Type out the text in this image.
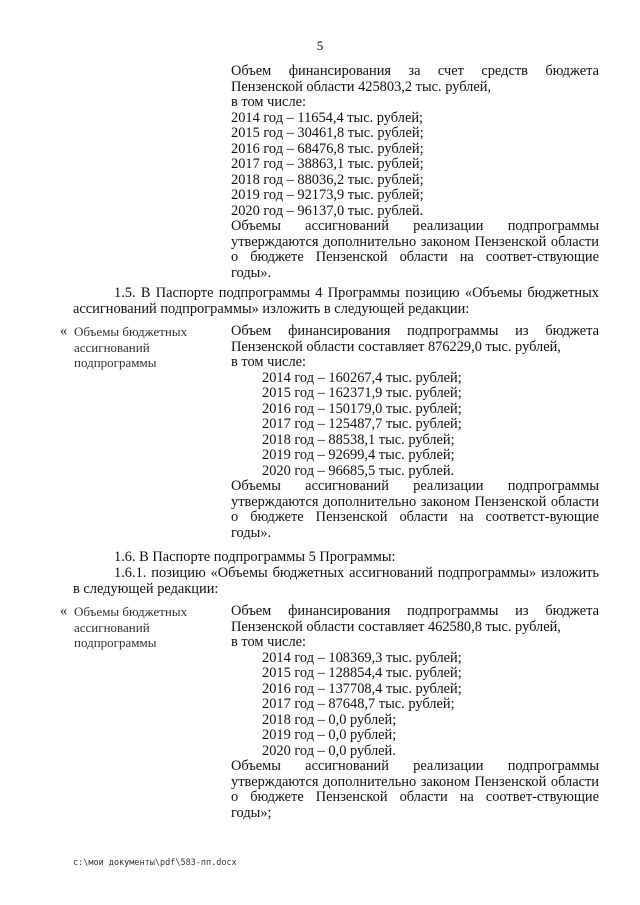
5
Объем финансирования за счет средств бюджета Пензенской области 425803,2 тыс. рублей,
в том числе:
2014 год – 11654,4 тыс. рублей;
2015 год – 30461,8 тыс. рублей;
2016 год – 68476,8 тыс. рублей;
2017 год – 38863,1 тыс. рублей;
2018 год – 88036,2 тыс. рублей;
2019 год – 92173,9 тыс. рублей;
2020 год – 96137,0 тыс. рублей.
Объемы ассигнований реализации подпрограммы утверждаются дополнительно законом Пензенской области о бюджете Пензенской области на соответ-ствующие годы».
1.5. В Паспорте подпрограммы 4 Программы позицию «Объемы бюджетных ассигнований подпрограммы» изложить в следующей редакции:
« Объемы бюджетных ассигнований подпрограммы
Объем финансирования подпрограммы из бюджета Пензенской области составляет 876229,0 тыс. рублей,
в том числе:
2014 год – 160267,4 тыс. рублей;
2015 год – 162371,9 тыс. рублей;
2016 год – 150179,0 тыс. рублей;
2017 год – 125487,7 тыс. рублей;
2018 год – 88538,1 тыс. рублей;
2019 год – 92699,4 тыс. рублей;
2020 год – 96685,5 тыс. рублей.
Объемы ассигнований реализации подпрограммы утверждаются дополнительно законом Пензенской области о бюджете Пензенской области на соответст-вующие годы».
1.6. В Паспорте подпрограммы 5 Программы:
1.6.1. позицию «Объемы бюджетных ассигнований подпрограммы» изложить в следующей редакции:
« Объемы бюджетных ассигнований подпрограммы
Объем финансирования подпрограммы из бюджета Пензенской области составляет 462580,8 тыс. рублей,
в том числе:
2014 год – 108369,3 тыс. рублей;
2015 год – 128854,4 тыс. рублей;
2016 год – 137708,4 тыс. рублей;
2017 год – 87648,7 тыс. рублей;
2018 год – 0,0 рублей;
2019 год – 0,0 рублей;
2020 год – 0,0 рублей.
Объемы ассигнований реализации подпрограммы утверждаются дополнительно законом Пензенской области о бюджете Пензенской области на соответ-ствующие годы»;
c:\мои документы\pdf\583-пп.docx
